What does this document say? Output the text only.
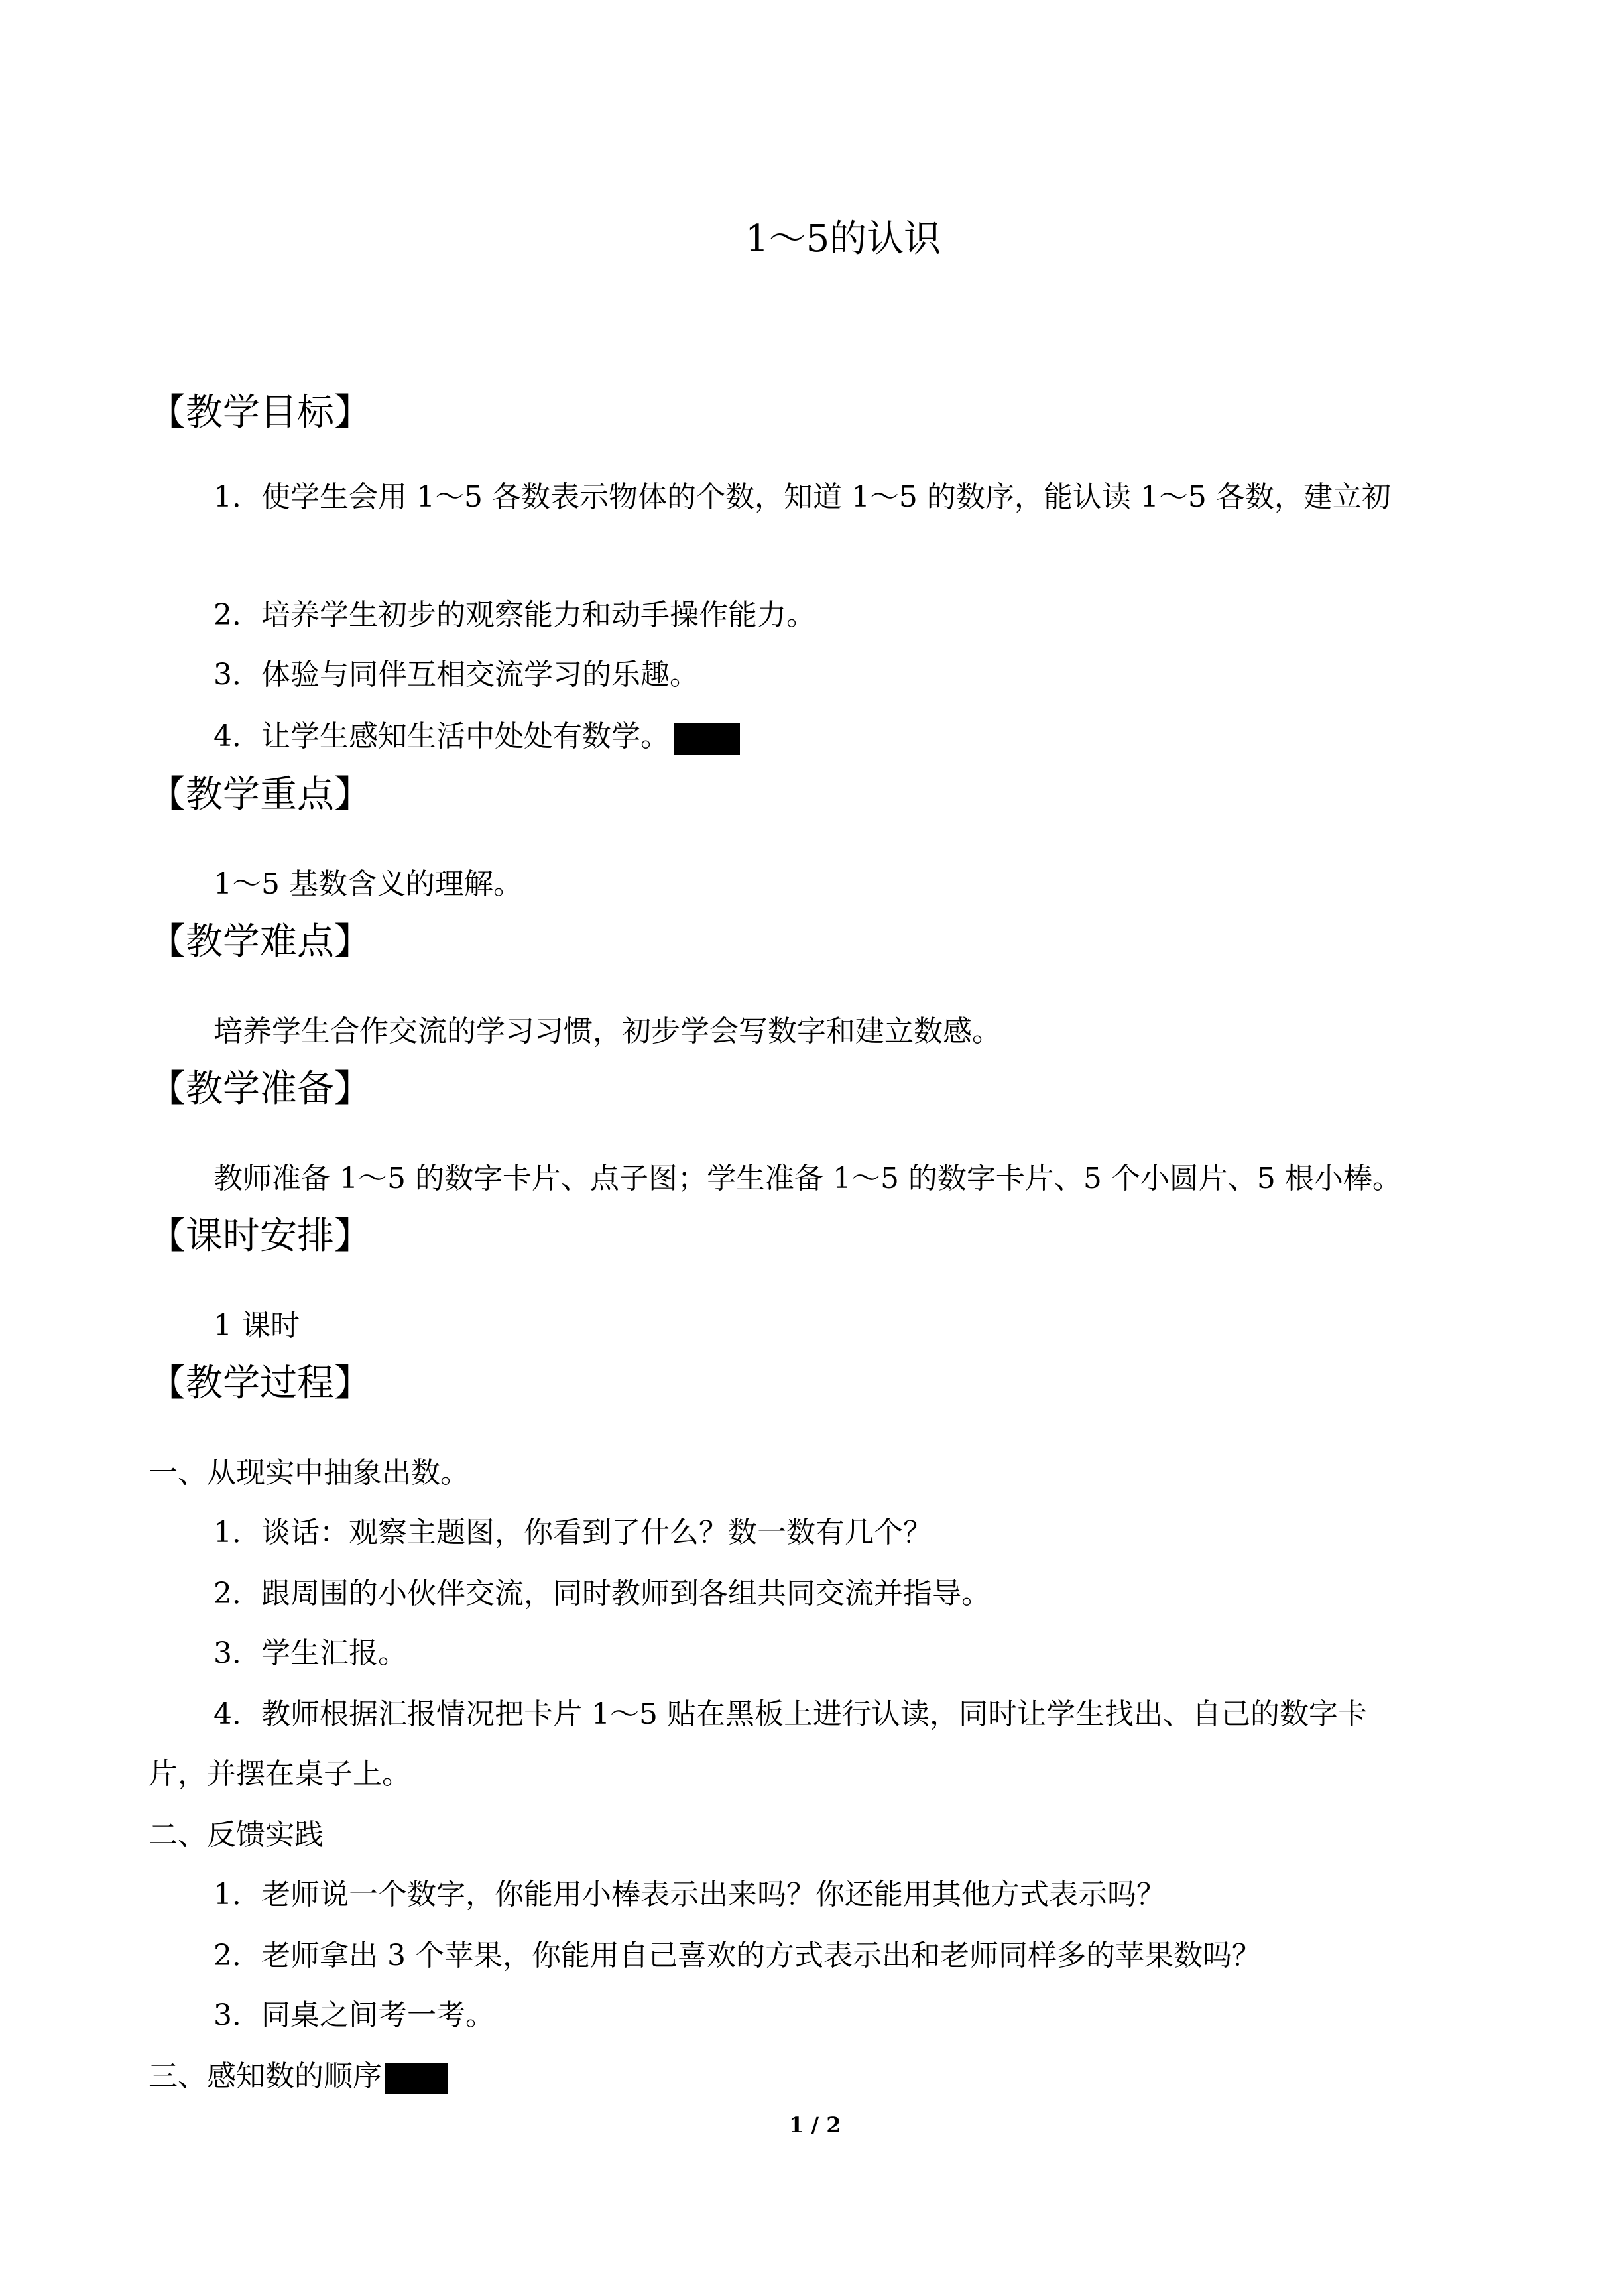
1～5的认识
【教学目标】
1．使学生会用 1～5 各数表示物体的个数，知道 1～5 的数序，能认读 1～5 各数，建立初
2．培养学生初步的观察能力和动手操作能力。
3．体验与同伴互相交流学习的乐趣。
4．让学生感知生活中处处有数学。
【教学重点】
1～5 基数含义的理解。
【教学难点】
培养学生合作交流的学习习惯，初步学会写数字和建立数感。
【教学准备】
教师准备 1～5 的数字卡片、点子图；学生准备 1～5 的数字卡片、5 个小圆片、5 根小棒。
【课时安排】
1 课时
【教学过程】
一、从现实中抽象出数。
1．谈话：观察主题图，你看到了什么？数一数有几个？
2．跟周围的小伙伴交流，同时教师到各组共同交流并指导。
3．学生汇报。
4．教师根据汇报情况把卡片 1～5 贴在黑板上进行认读，同时让学生找出、自己的数字卡
片，并摆在桌子上。
二、反馈实践
1．老师说一个数字，你能用小棒表示出来吗？你还能用其他方式表示吗？
2．老师拿出 3 个苹果，你能用自己喜欢的方式表示出和老师同样多的苹果数吗？
3．同桌之间考一考。
三、感知数的顺序
1 / 2
